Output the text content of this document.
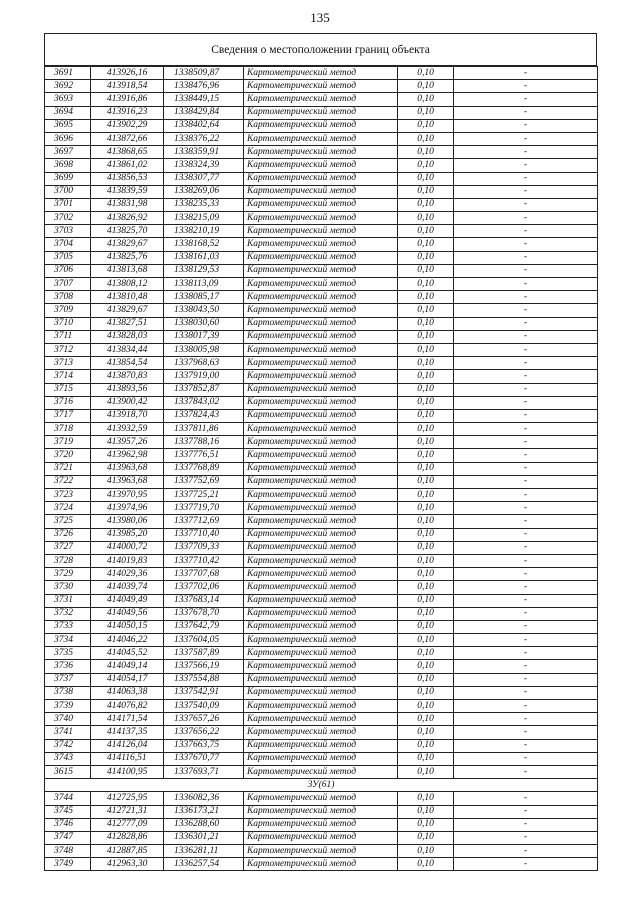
135
Сведения о местоположении границ объекта
3691	413926,16	1338509,87	Картометрический метод	0,10	-
3692	413918,54	1338476,96	Картометрический метод	0,10	-
3693	413916,86	1338449,15	Картометрический метод	0,10	-
3694	413916,23	1338429,84	Картометрический метод	0,10	-
3695	413902,29	1338402,64	Картометрический метод	0,10	-
3696	413872,66	1338376,22	Картометрический метод	0,10	-
3697	413868,65	1338359,91	Картометрический метод	0,10	-
3698	413861,02	1338324,39	Картометрический метод	0,10	-
3699	413856,53	1338307,77	Картометрический метод	0,10	-
3700	413839,59	1338269,06	Картометрический метод	0,10	-
3701	413831,98	1338235,33	Картометрический метод	0,10	-
3702	413826,92	1338215,09	Картометрический метод	0,10	-
3703	413825,70	1338210,19	Картометрический метод	0,10	-
3704	413829,67	1338168,52	Картометрический метод	0,10	-
3705	413825,76	1338161,03	Картометрический метод	0,10	-
3706	413813,68	1338129,53	Картометрический метод	0,10	-
3707	413808,12	1338113,09	Картометрический метод	0,10	-
3708	413810,48	1338085,17	Картометрический метод	0,10	-
3709	413829,67	1338043,50	Картометрический метод	0,10	-
3710	413827,51	1338030,60	Картометрический метод	0,10	-
3711	413828,03	1338017,39	Картометрический метод	0,10	-
3712	413834,44	1338005,98	Картометрический метод	0,10	-
3713	413854,54	1337968,63	Картометрический метод	0,10	-
3714	413870,83	1337919,00	Картометрический метод	0,10	-
3715	413893,56	1337852,87	Картометрический метод	0,10	-
3716	413900,42	1337843,02	Картометрический метод	0,10	-
3717	413918,70	1337824,43	Картометрический метод	0,10	-
3718	413932,59	1337811,86	Картометрический метод	0,10	-
3719	413957,26	1337788,16	Картометрический метод	0,10	-
3720	413962,98	1337776,51	Картометрический метод	0,10	-
3721	413963,68	1337768,89	Картометрический метод	0,10	-
3722	413963,68	1337752,69	Картометрический метод	0,10	-
3723	413970,95	1337725,21	Картометрический метод	0,10	-
3724	413974,96	1337719,70	Картометрический метод	0,10	-
3725	413980,06	1337712,69	Картометрический метод	0,10	-
3726	413985,20	1337710,40	Картометрический метод	0,10	-
3727	414000,72	1337709,33	Картометрический метод	0,10	-
3728	414019,83	1337710,42	Картометрический метод	0,10	-
3729	414029,36	1337707,68	Картометрический метод	0,10	-
3730	414039,74	1337702,06	Картометрический метод	0,10	-
3731	414049,49	1337683,14	Картометрический метод	0,10	-
3732	414049,56	1337678,70	Картометрический метод	0,10	-
3733	414050,15	1337642,79	Картометрический метод	0,10	-
3734	414046,22	1337604,05	Картометрический метод	0,10	-
3735	414045,52	1337587,89	Картометрический метод	0,10	-
3736	414049,14	1337566,19	Картометрический метод	0,10	-
3737	414054,17	1337554,88	Картометрический метод	0,10	-
3738	414063,38	1337542,91	Картометрический метод	0,10	-
3739	414076,82	1337540,09	Картометрический метод	0,10	-
3740	414171,54	1337657,26	Картометрический метод	0,10	-
3741	414137,35	1337656,22	Картометрический метод	0,10	-
3742	414126,04	1337663,75	Картометрический метод	0,10	-
3743	414116,51	1337670,77	Картометрический метод	0,10	-
3615	414100,95	1337693,71	Картометрический метод	0,10	-
ЗУ(61)					
3744	412725,95	1336082,36	Картометрический метод	0,10	-
3745	412721,31	1336173,21	Картометрический метод	0,10	-
3746	412777,09	1336288,60	Картометрический метод	0,10	-
3747	412828,86	1336301,21	Картометрический метод	0,10	-
3748	412887,85	1336281,11	Картометрический метод	0,10	-
3749	412963,30	1336257,54	Картометрический метод	0,10	-
